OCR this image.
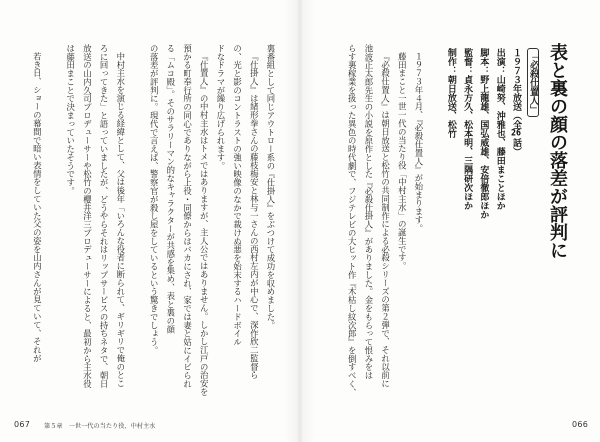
裏番組として同じアウトロー系の『仕掛人』をぶつけて成功を収めました。
『仕掛人』は緒形拳さんの藤枝梅安と林与一さんの西村左内が中心で、深作欣二監督ら
の、光と影のコントラストの強い映像のなかで裁けぬ悪を始末するハードボイル
ドなドラマが繰り広げられます。
『仕置人』の中村主水はトメではありますが、主人公ではありません。しかし江戸の治安を
預かる町奉行所の同心でありながら上役・同僚からはバカにされ、家では妻と姑にイビられ
る「ムコ殿」。そのサラリーマン的なキャラクターが共感を集め、表と裏の顔
の落差が評判に。現代で言えば、警察官が殺し屋をしているという驚きでしょう。
中村主水を演じる経緯として、父は後年「いろんな役者に断られて、ギリギリで俺のとこ
ろに回ってきた」と語っていましたが、どうやらそれはリップサービスの持ちネタで、朝日
放送の山内久司プロデューサーや松竹の櫻井洋三プロデューサーによると、最初から主水役
は藤田まことで決まっていたそうです。
若き日、ショーの幕間で暗い表情をしていた父の姿を山内さんが見ていて、それが
067 第５章　一世一代の当たり役、中村主水
表と裏の顔の落差が評判に
「必殺仕置人」
１９７３年放送（全26話）
出演：山崎努、沖雅也、藤田まことほか
脚本：野上龍雄、国弘威雄、安倍徹郎ほか
監督：貞永方久、松本明、三隅研次ほか
制作：朝日放送、松竹
１９７３年４月、『必殺仕置人』が始まります。
藤田まこと一世一代の当たり役「中村主水」の誕生です。
『必殺仕置人』は朝日放送と松竹の共同制作による必殺シリーズの第２弾で、それ以前に
池波正太郎先生の小説を原作とした『必殺仕掛人』がありました。金をもらって恨みをは
らす裏稼業を扱った異色の時代劇で、フジテレビの大ヒット作『木枯し紋次郎』を倒すべく、
066
